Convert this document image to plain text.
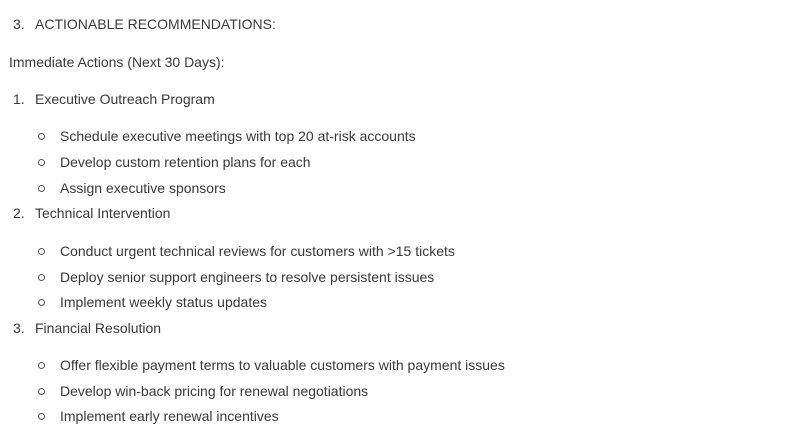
3. ACTIONABLE RECOMMENDATIONS:
Immediate Actions (Next 30 Days):
1. Executive Outreach Program
Schedule executive meetings with top 20 at-risk accounts
Develop custom retention plans for each
Assign executive sponsors
2. Technical Intervention
Conduct urgent technical reviews for customers with >15 tickets
Deploy senior support engineers to resolve persistent issues
Implement weekly status updates
3. Financial Resolution
Offer flexible payment terms to valuable customers with payment issues
Develop win-back pricing for renewal negotiations
Implement early renewal incentives
